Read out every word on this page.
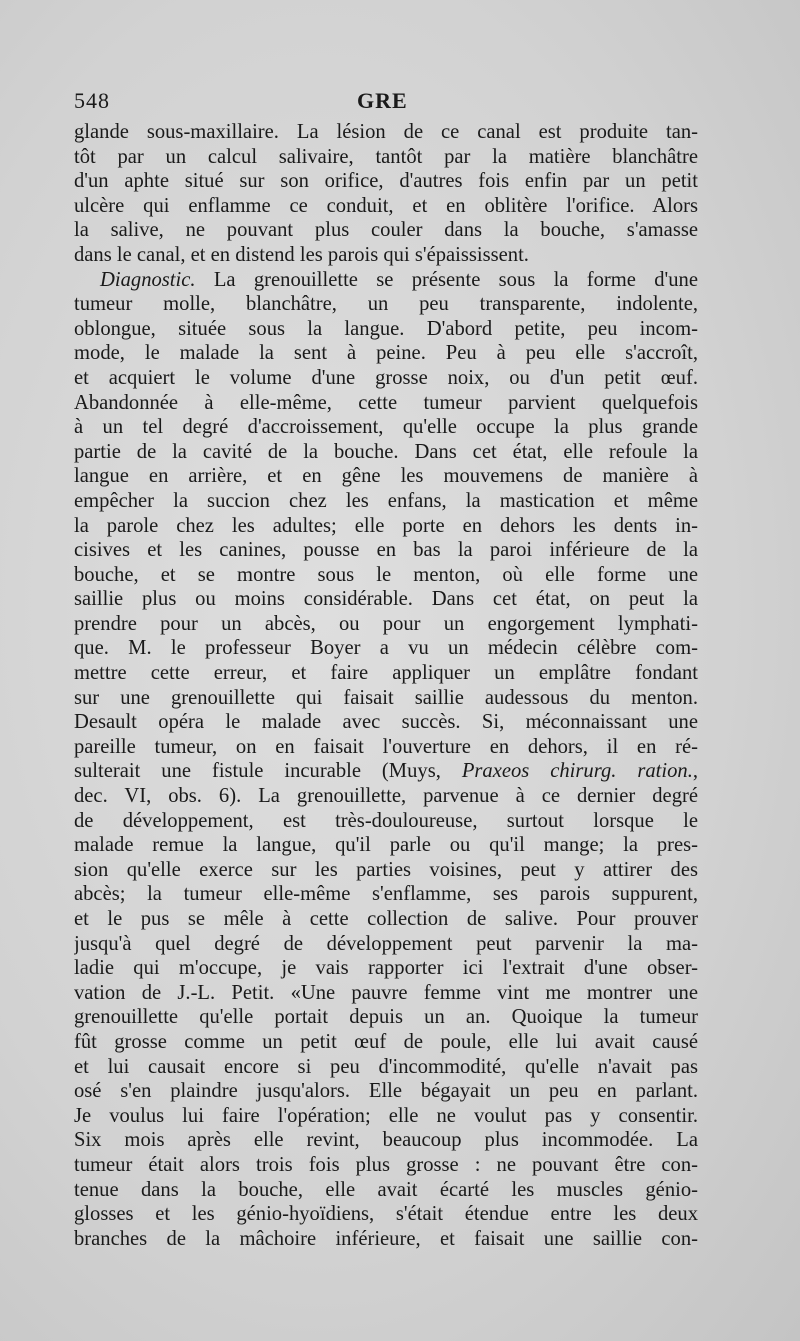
548	GRE
glande sous-maxillaire. La lésion de ce canal est produite tan-
tôt par un calcul salivaire, tantôt par la matière blanchâtre
d'un aphte situé sur son orifice, d'autres fois enfin par un petit
ulcère qui enflamme ce conduit, et en oblitère l'orifice. Alors
la salive, ne pouvant plus couler dans la bouche, s'amasse
dans le canal, et en distend les parois qui s'épaississent.
Diagnostic. La grenouillette se présente sous la forme d'une
tumeur molle, blanchâtre, un peu transparente, indolente,
oblongue, située sous la langue. D'abord petite, peu incom-
mode, le malade la sent à peine. Peu à peu elle s'accroît,
et acquiert le volume d'une grosse noix, ou d'un petit œuf.
Abandonnée à elle-même, cette tumeur parvient quelquefois
à un tel degré d'accroissement, qu'elle occupe la plus grande
partie de la cavité de la bouche. Dans cet état, elle refoule la
langue en arrière, et en gêne les mouvemens de manière à
empêcher la succion chez les enfans, la mastication et même
la parole chez les adultes; elle porte en dehors les dents in-
cisives et les canines, pousse en bas la paroi inférieure de la
bouche, et se montre sous le menton, où elle forme une
saillie plus ou moins considérable. Dans cet état, on peut la
prendre pour un abcès, ou pour un engorgement lymphati-
que. M. le professeur Boyer a vu un médecin célèbre com-
mettre cette erreur, et faire appliquer un emplâtre fondant
sur une grenouillette qui faisait saillie audessous du menton.
Desault opéra le malade avec succès. Si, méconnaissant une
pareille tumeur, on en faisait l'ouverture en dehors, il en ré-
sulterait une fistule incurable (Muys, Praxeos chirurg. ration.,
dec. VI, obs. 6). La grenouillette, parvenue à ce dernier degré
de développement, est très-douloureuse, surtout lorsque le
malade remue la langue, qu'il parle ou qu'il mange; la pres-
sion qu'elle exerce sur les parties voisines, peut y attirer des
abcès; la tumeur elle-même s'enflamme, ses parois suppurent,
et le pus se mêle à cette collection de salive. Pour prouver
jusqu'à quel degré de développement peut parvenir la ma-
ladie qui m'occupe, je vais rapporter ici l'extrait d'une obser-
vation de J.-L. Petit. «Une pauvre femme vint me montrer une
grenouillette qu'elle portait depuis un an. Quoique la tumeur
fût grosse comme un petit œuf de poule, elle lui avait causé
et lui causait encore si peu d'incommodité, qu'elle n'avait pas
osé s'en plaindre jusqu'alors. Elle bégayait un peu en parlant.
Je voulus lui faire l'opération; elle ne voulut pas y consentir.
Six mois après elle revint, beaucoup plus incommodée. La
tumeur était alors trois fois plus grosse : ne pouvant être con-
tenue dans la bouche, elle avait écarté les muscles génio-
glosses et les génio-hyoïdiens, s'était étendue entre les deux
branches de la mâchoire inférieure, et faisait une saillie con-
